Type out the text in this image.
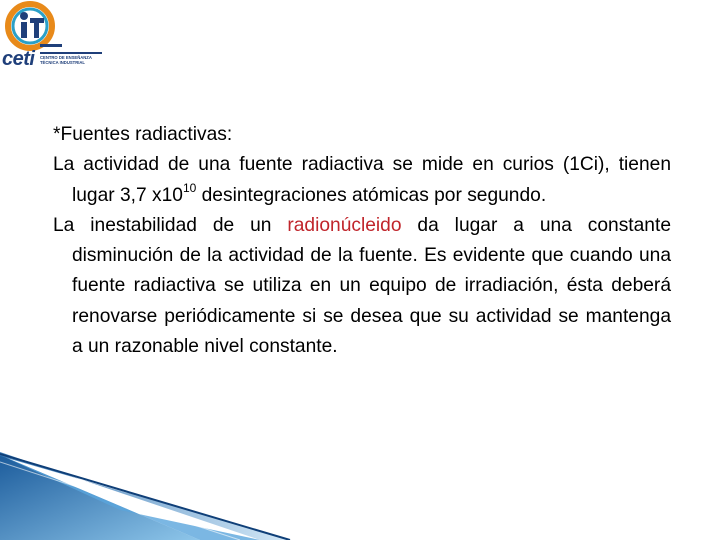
ceti CENTRO DE ENSEÑANZA
TÉCNICA INDUSTRIAL

*Fuentes radiactivas:

La actividad de una fuente radiactiva se mide en curios (1Ci), tienen lugar 3,7 $x10^{10}$ desintegraciones atómicas por segundo.

La inestabilidad de un radionúcleido da lugar a una constante disminución de la actividad de la fuente. Es evidente que cuando una fuente radiactiva se utiliza en un equipo de irradiación, ésta deberá renovarse periódicamente si se desea que su actividad se mantenga a un razonable nivel constante.
